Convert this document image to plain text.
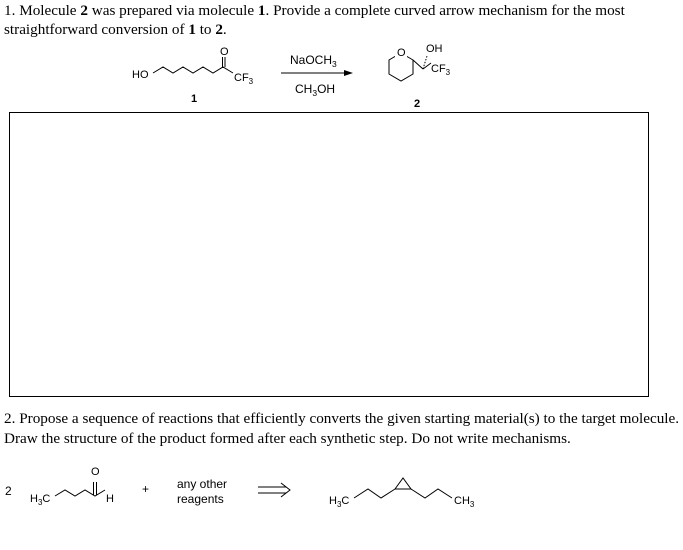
1. Molecule 2 was prepared via molecule 1. Provide a complete curved arrow mechanism for the most
straightforward conversion of 1 to 2.
HO
O
$CF_3$
1
NaOCH$_3$
$CH_3OH$
O OH
$CF_3$
2
2. Propose a sequence of reactions that efficiently converts the given starting material(s) to the target molecule.
Draw the structure of the product formed after each synthetic step. Do not write mechanisms.
2
$H_3C$
O
H
+ any other
reagents	$H_3C$	$CH_3$
